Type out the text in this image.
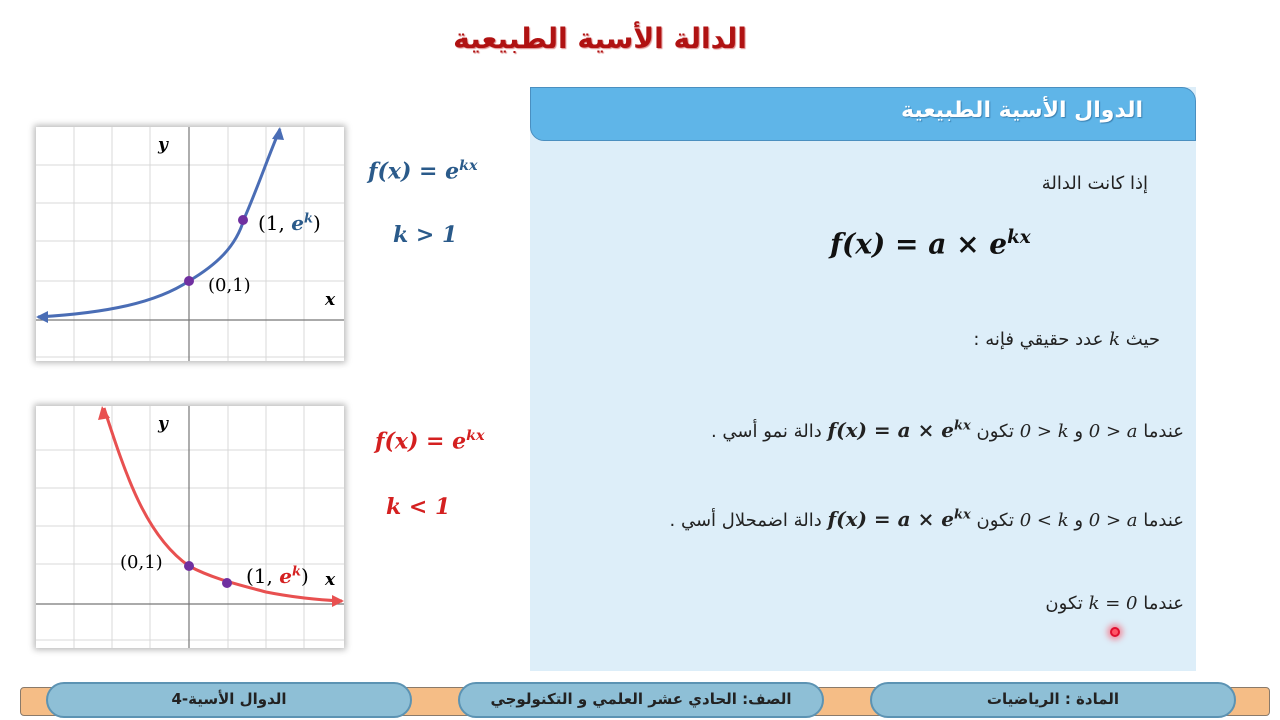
الدالة الأسية الطبيعية
y
x
(0,1)
(1, $e^k$)
$f(x) = e^{kx}$
k > 1
y
x
(0,1)
(1, $e^k$)
$f(x) = e^{kx}$
k < 1
الدوال الأسية الطبيعية
إذا كانت الدالة
$f(x) = a \times e^{kx}$
حيث k عدد حقيقي فإنه :
عندما 0 > a و 0 > k تكون $f(x) = a \times e^{kx}$ دالة نمو أسي .
عندما 0 > a و 0 < k تكون $f(x) = a \times e^{kx}$ دالة اضمحلال أسي .
عندما k = 0 تكون
المادة : الرياضيات
الصف: الحادي عشر العلمي و التكنولوجي
الدوال الأسية-4
